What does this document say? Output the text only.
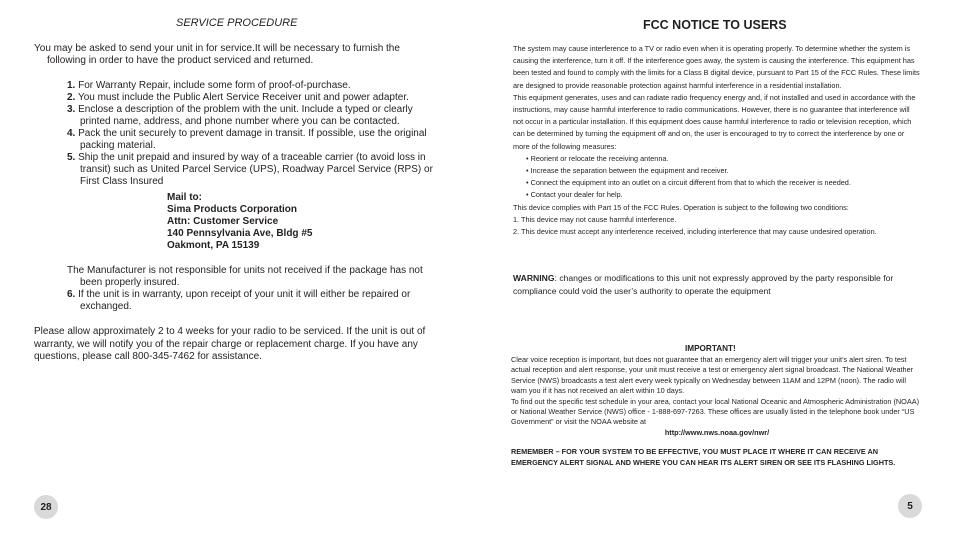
SERVICE PROCEDURE
You may be asked to send your unit in for service.It will be necessary to furnish the following in order to have the product serviced and returned.

1. For Warranty Repair, include some form of proof-of-purchase.

2. You must include the Public Alert Service Receiver unit and power adapter.

3. Enclose a description of the problem with the unit. Include a typed or clearly printed name, address, and phone number where you can be contacted.

4. Pack the unit securely to prevent damage in transit. If possible, use the original packing material.

5. Ship the unit prepaid and insured by way of a traceable carrier (to avoid loss in transit) such as United Parcel Service (UPS), Roadway Parcel Service (RPS) or First Class Insured

Mail to:
Sima Products Corporation
Attn: Customer Service
140 Pennsylvania Ave, Bldg #5
Oakmont, PA 15139

The Manufacturer is not responsible for units not received if the package has not been properly insured.

6. If the unit is in warranty, upon receipt of your unit it will either be repaired or exchanged.

Please allow approximately 2 to 4 weeks for your radio to be serviced. If the unit is out of warranty, we will notify you of the repair charge or replacement charge. If you have any questions, please call 800-345-7462 for assistance.
28
FCC NOTICE TO USERS

The system may cause interference to a TV or radio even when it is operating properly. To determine whether the system is causing the interference, turn it off. If the interference goes away, the system is causing the interference. This equipment has been tested and found to comply with the limits for a Class B digital device, pursuant to Part 15 of the FCC Rules. These limits are designed to provide reasonable protection against harmful interference in a residential installation.

This equipment generates, uses and can radiate radio frequency energy and, if not installed and used in accordance with the instructions, may cause harmful interference to radio communications. However, there is no guarantee that interference will not occur in a particular installation. If this equipment does cause harmful interference to radio or television reception, which can be determined by turning the equipment off and on, the user is encouraged to try to correct the interference by one or more of the following measures:

• Reorient or relocate the receiving antenna.
• Increase the separation between the equipment and receiver.
• Connect the equipment into an outlet on a circuit different from that to which the receiver is needed.
• Contact your dealer for help.

This device complies with Part 15 of the FCC Rules. Operation is subject to the following two conditions:

1. This device may not cause harmful interference.

2. This device must accept any interference received, including interference that may cause undesired operation.

WARNING: changes or modifications to this unit not expressly approved by the party responsible for compliance could void the user’s authority to operate the equipment
IMPORTANT!

Clear voice reception is important, but does not guarantee that an emergency alert will trigger your unit’s alert siren. To test actual reception and alert response, your unit must receive a test or emergency alert signal broadcast. The National Weather Service (NWS) broadcasts a test alert every week typically on Wednesday between 11AM and 12PM (noon). The radio will warn you if it has not received an alert within 10 days.

To find out the specific test schedule in your area, contact your local National Oceanic and Atmospheric Administration (NOAA) or National Weather Service (NWS) office - 1-888-697-7263. These offices are usually listed in the telephone book under “US Government” or visit the NOAA website at

http://www.nws.noaa.gov/nwr/

REMEMBER – FOR YOUR SYSTEM TO BE EFFECTIVE, YOU MUST PLACE IT WHERE IT CAN RECEIVE AN EMERGENCY ALERT SIGNAL AND WHERE YOU CAN HEAR ITS ALERT SIREN OR SEE ITS FLASHING LIGHTS.
5
